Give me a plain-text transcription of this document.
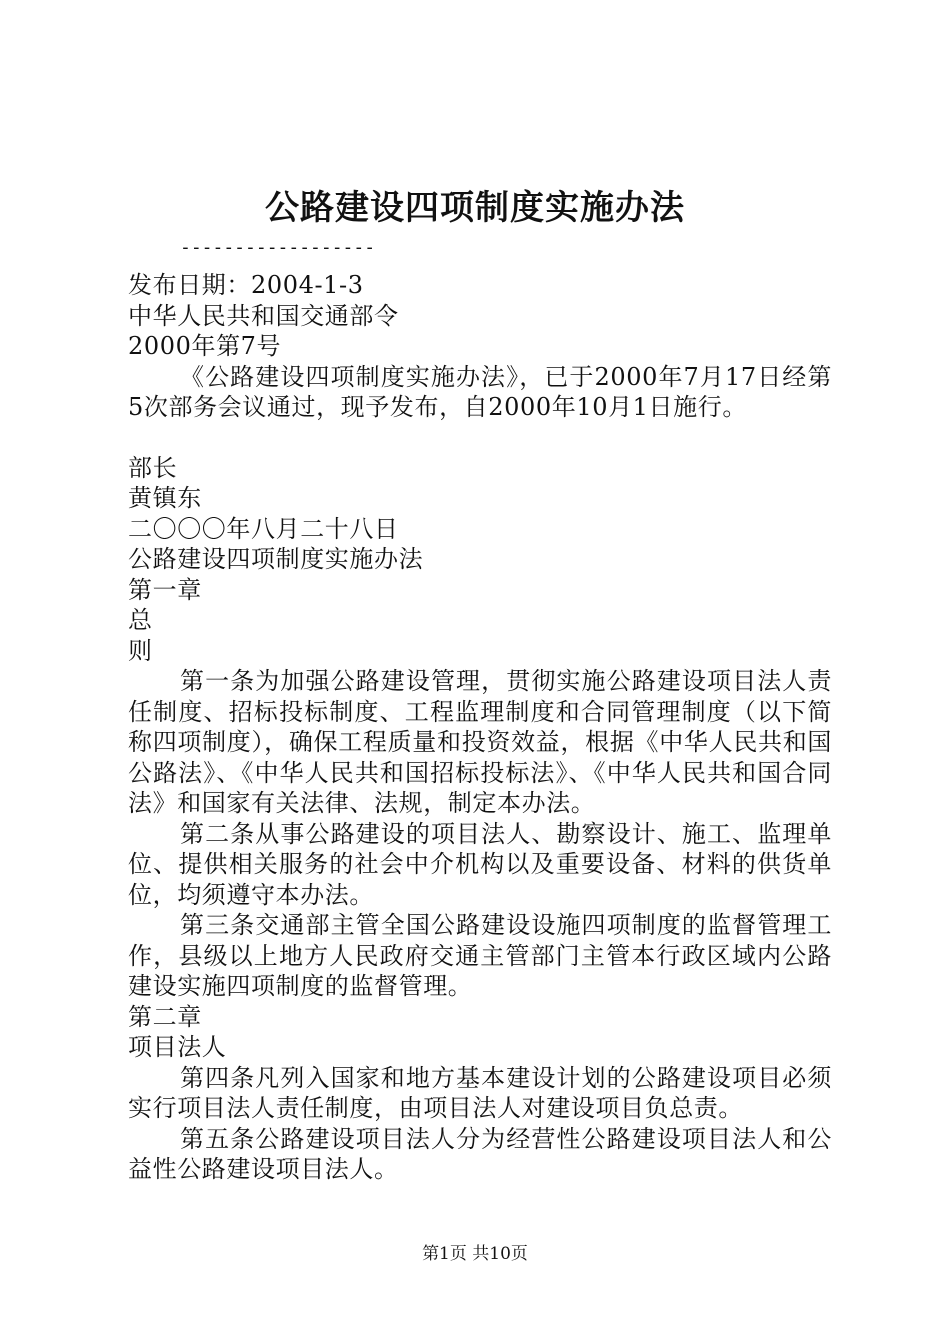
公路建设四项制度实施办法
------------------

发布日期：2004-1-3

中华人民共和国交通部令

2000年第7号

《公路建设四项制度实施办法》，已于2000年7月17日经第5次部务会议通过，现予发布，自2000年10月1日施行。

部长

黄镇东

二〇〇〇年八月二十八日

公路建设四项制度实施办法

第一章

总

则

第一条为加强公路建设管理，贯彻实施公路建设项目法人责任制度、招标投标制度、工程监理制度和合同管理制度（以下简称四项制度），确保工程质量和投资效益，根据《中华人民共和国公路法》、《中华人民共和国招标投标法》、《中华人民共和国合同法》和国家有关法律、法规，制定本办法。

第二条从事公路建设的项目法人、勘察设计、施工、监理单位、提供相关服务的社会中介机构以及重要设备、材料的供货单位，均须遵守本办法。

第三条交通部主管全国公路建设设施四项制度的监督管理工作，县级以上地方人民政府交通主管部门主管本行政区域内公路建设实施四项制度的监督管理。

第二章

项目法人

第四条凡列入国家和地方基本建设计划的公路建设项目必须实行项目法人责任制度，由项目法人对建设项目负总责。

第五条公路建设项目法人分为经营性公路建设项目法人和公益性公路建设项目法人。

第1页 共10页
